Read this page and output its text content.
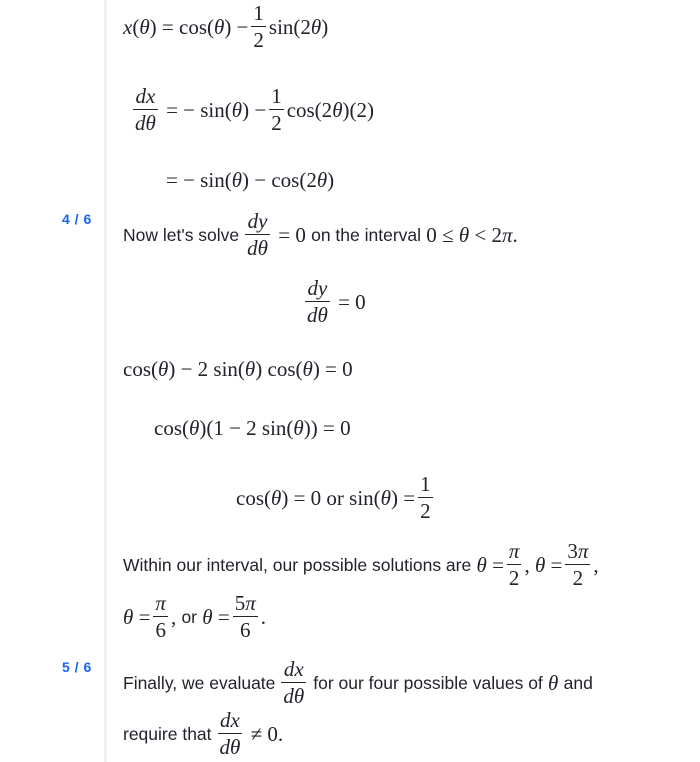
4 / 6
5 / 6
$x(\theta) = \cos(\theta) - \frac{1}{2} \sin(2\theta)$
$\frac{dx}{d\theta}$ = − $\sin(\theta) - \frac{1}{2} \cos(2\theta)(2)$
= − sin(θ) − cos(2θ)
Now let's solve $\frac{dy}{d\theta} = 0$ on the interval 0 ≤ θ < 2π.
$\frac{dy}{d\theta} = 0$
cos(θ) − 2 sin(θ) cos(θ) = 0
cos(θ)(1 − 2 sin(θ)) = 0
cos(θ) = 0 or $\sin(\theta) = \frac{1}{2}$
Within our interval, our possible solutions are $\theta = \frac{\pi}{2}$ , $\theta = \frac{3\pi}{2}$ ,
$\theta = \frac{\pi}{6}$ , or $\theta = \frac{5\pi}{6}$ .
Finally, we evaluate
dx
dθ
for our four possible values of θ and
require that
dx
dθ
≠ 0.
